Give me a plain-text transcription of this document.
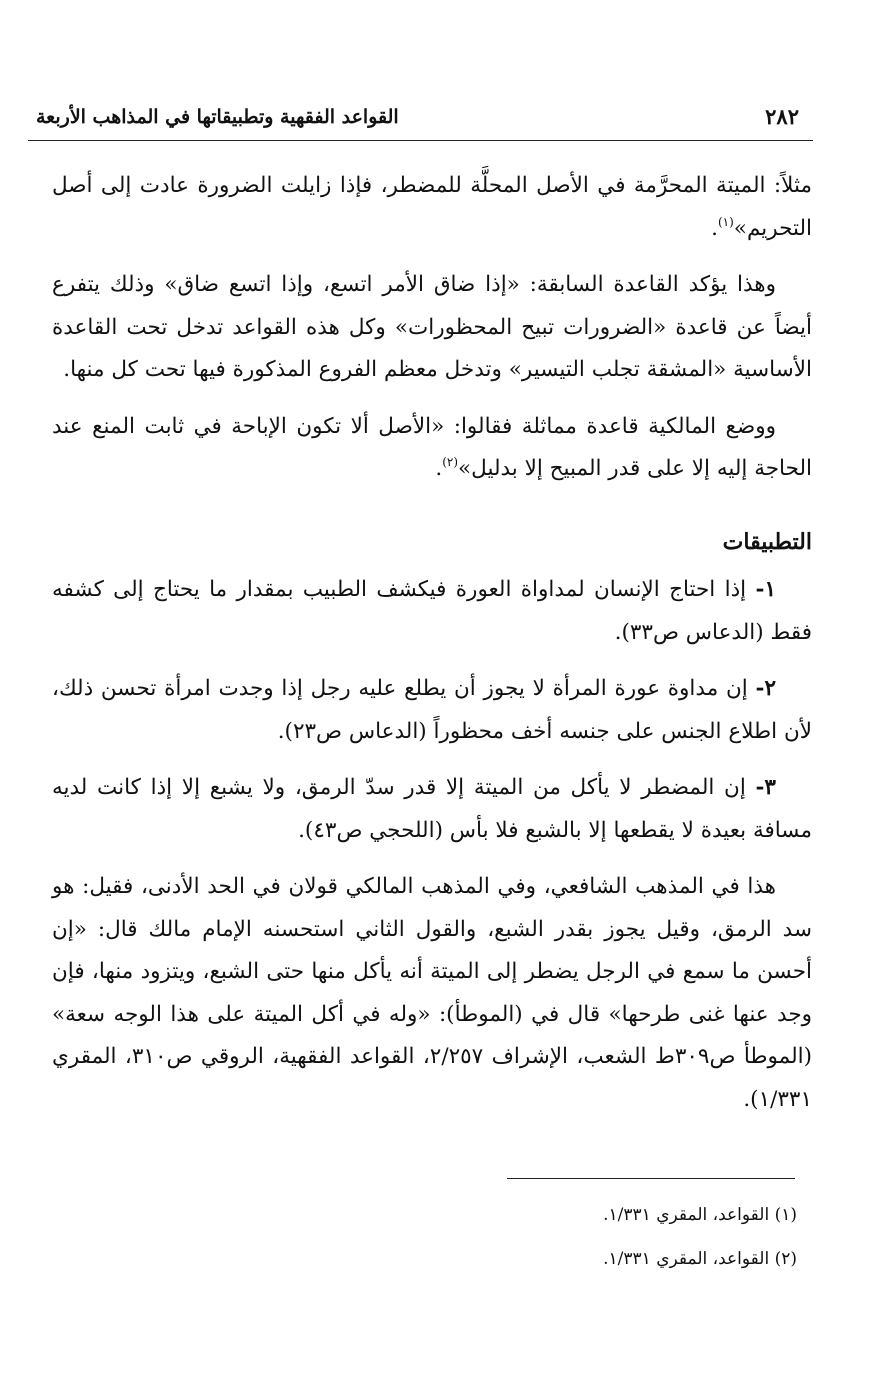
٢٨٢
القواعد الفقهية وتطبيقاتها في المذاهب الأربعة

مثلاً: الميتة المحرَّمة في الأصل المحلَّة للمضطر، فإذا زايلت الضرورة عادت إلى أصل التحريم»$^{(١)}$.

وهذا يؤكد القاعدة السابقة: «إذا ضاق الأمر اتسع، وإذا اتسع ضاق» وذلك يتفرع أيضاً عن قاعدة «الضرورات تبيح المحظورات» وكل هذه القواعد تدخل تحت القاعدة الأساسية «المشقة تجلب التيسير» وتدخل معظم الفروع المذكورة فيها تحت كل منها.

ووضع المالكية قاعدة مماثلة فقالوا: «الأصل ألا تكون الإباحة في ثابت المنع عند الحاجة إليه إلا على قدر المبيح إلا بدليل»$^{(٢)}$.

التطبيقات

١- إذا احتاج الإنسان لمداواة العورة فيكشف الطبيب بمقدار ما يحتاج إلى كشفه فقط (الدعاس ص٣٣).

٢- إن مداوة عورة المرأة لا يجوز أن يطلع عليه رجل إذا وجدت امرأة تحسن ذلك، لأن اطلاع الجنس على جنسه أخف محظوراً (الدعاس ص٢٣).

٣- إن المضطر لا يأكل من الميتة إلا قدر سدّ الرمق، ولا يشبع إلا إذا كانت لديه مسافة بعيدة لا يقطعها إلا بالشبع فلا بأس (اللحجي ص٤٣).

هذا في المذهب الشافعي، وفي المذهب المالكي قولان في الحد الأدنى، فقيل: هو سد الرمق، وقيل يجوز بقدر الشبع، والقول الثاني استحسنه الإمام مالك قال: «إن أحسن ما سمع في الرجل يضطر إلى الميتة أنه يأكل منها حتى الشبع، ويتزود منها، فإن وجد عنها غنى طرحها» قال في (الموطأ): «وله في أكل الميتة على هذا الوجه سعة» (الموطأ ص٣٠٩ط الشعب، الإشراف ٢/٢٥٧، القواعد الفقهية، الروقي ص٣١٠، المقري ١/٣٣١).

(١) القواعد، المقري ١/٣٣١.
(٢) القواعد، المقري ١/٣٣١.
